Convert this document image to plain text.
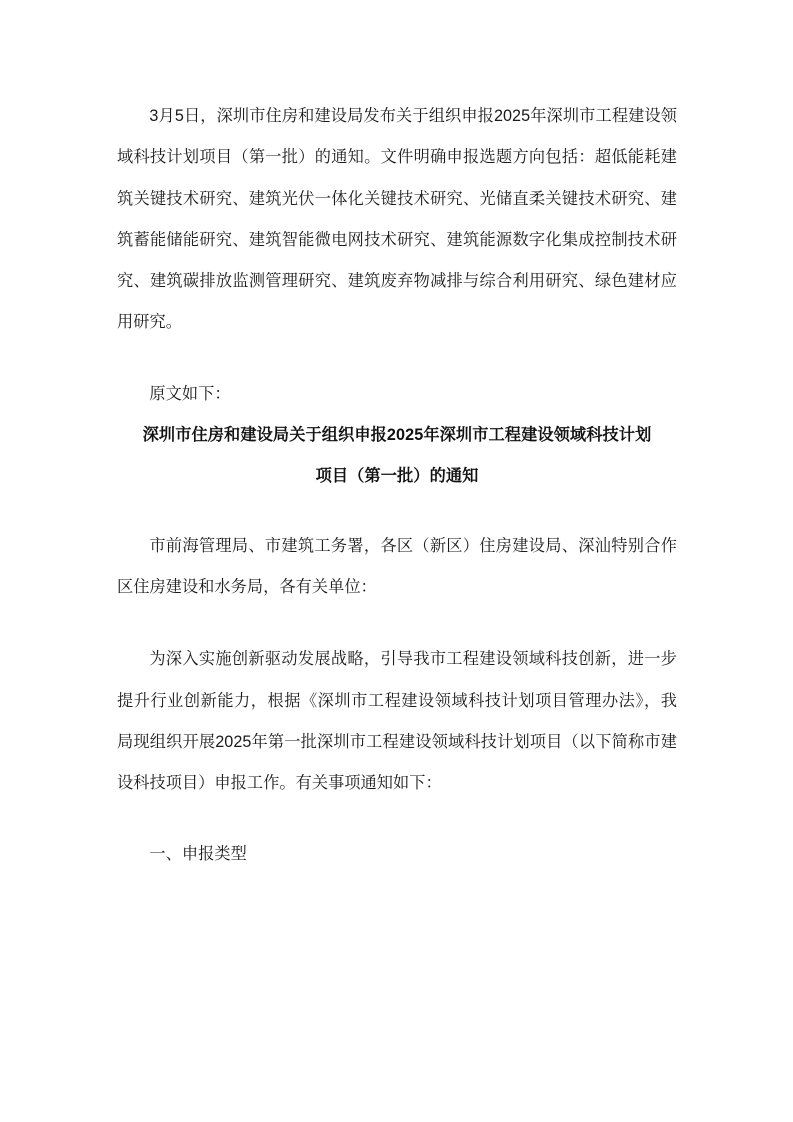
3月5日，深圳市住房和建设局发布关于组织申报2025年深圳市工程建设领域科技计划项目（第一批）的通知。文件明确申报选题方向包括：超低能耗建筑关键技术研究、建筑光伏一体化关键技术研究、光储直柔关键技术研究、建筑蓄能储能研究、建筑智能微电网技术研究、建筑能源数字化集成控制技术研究、建筑碳排放监测管理研究、建筑废弃物减排与综合利用研究、绿色建材应用研究。

原文如下：

深圳市住房和建设局关于组织申报2025年深圳市工程建设领域科技计划
项目（第一批）的通知

市前海管理局、市建筑工务署，各区（新区）住房建设局、深汕特别合作区住房建设和水务局，各有关单位：

为深入实施创新驱动发展战略，引导我市工程建设领域科技创新，进一步提升行业创新能力，根据《深圳市工程建设领域科技计划项目管理办法》，我局现组织开展2025年第一批深圳市工程建设领域科技计划项目（以下简称市建设科技项目）申报工作。有关事项通知如下：

一、申报类型
